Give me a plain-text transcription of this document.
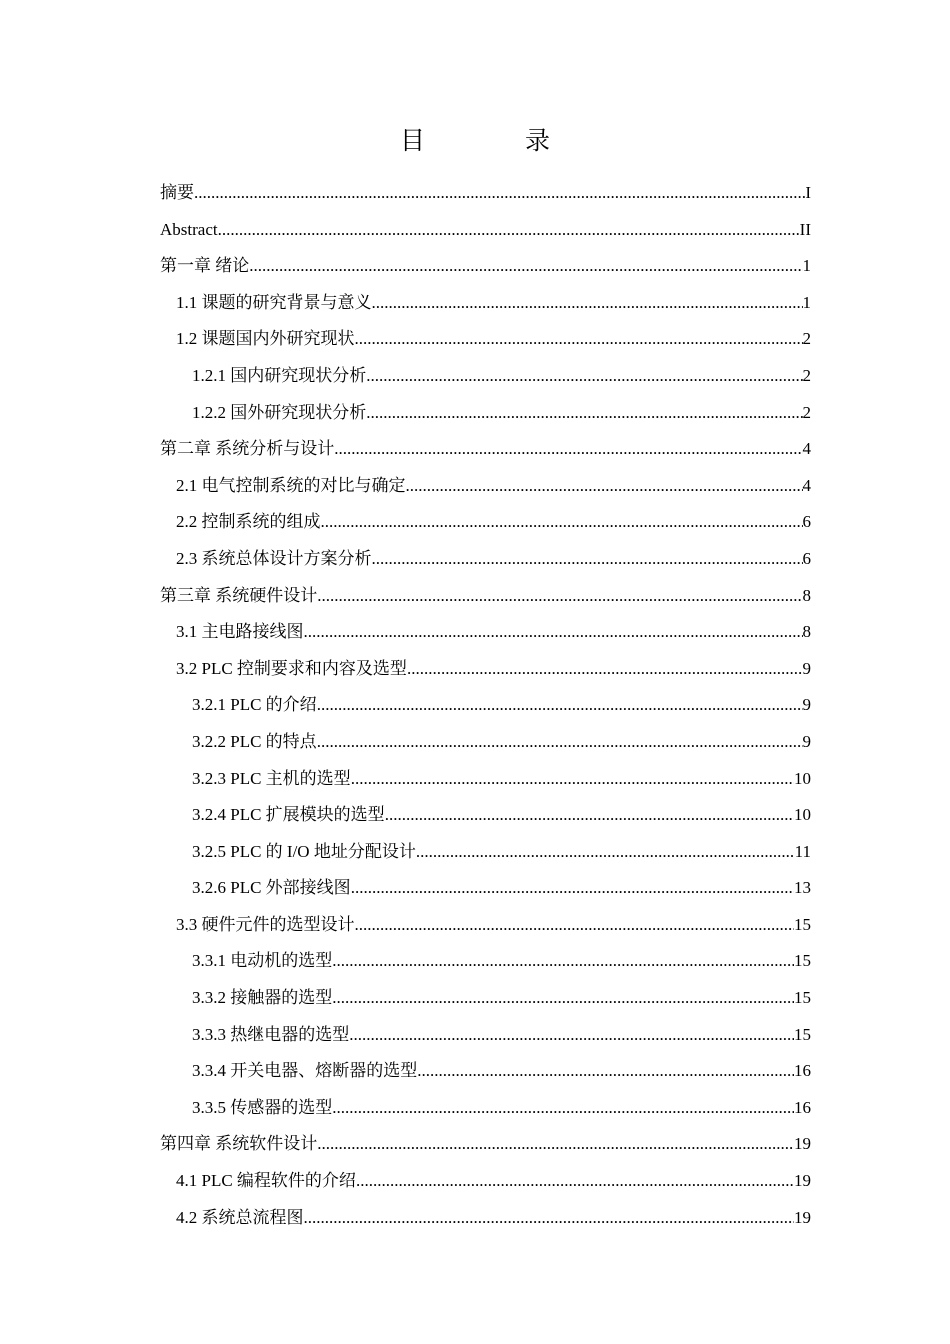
目 录
摘要 .....	I
Abstract .....	II
第一章 绪论 .....	1
1.1 课题的研究背景与意义 .....	1
1.2 课题国内外研究现状 .....	2
1.2.1 国内研究现状分析 .....	2
1.2.2 国外研究现状分析 .....	2
第二章 系统分析与设计 .....	4
2.1 电气控制系统的对比与确定 .....	4
2.2 控制系统的组成 .....	6
2.3 系统总体设计方案分析 .....	6
第三章 系统硬件设计 .....	8
3.1 主电路接线图 .....	8
3.2 PLC 控制要求和内容及选型 .....	9
3.2.1 PLC 的介绍 .....	9
3.2.2 PLC 的特点 .....	9
3.2.3 PLC 主机的选型 .....	10
3.2.4 PLC 扩展模块的选型 .....	10
3.2.5 PLC 的 I/O 地址分配设计 .....	11
3.2.6 PLC 外部接线图 .....	13
3.3 硬件元件的选型设计 .....	15
3.3.1 电动机的选型 .....	15
3.3.2 接触器的选型 .....	15
3.3.3 热继电器的选型 .....	15
3.3.4 开关电器、熔断器的选型 .....	16
3.3.5 传感器的选型 .....	16
第四章 系统软件设计 .....	19
4.1 PLC 编程软件的介绍 .....	19
4.2 系统总流程图 .....	19
